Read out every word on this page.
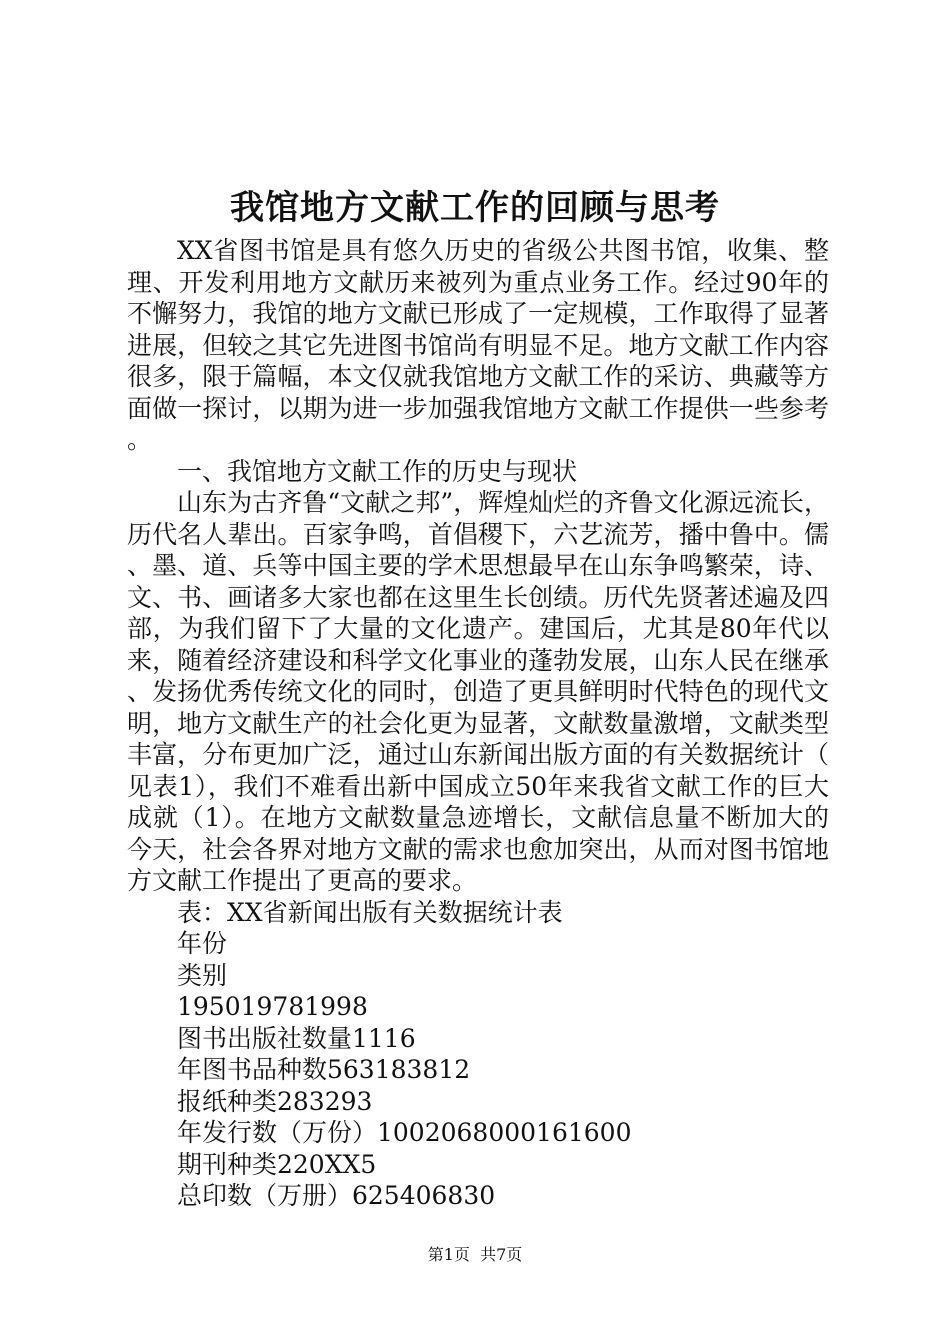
我馆地方文献工作的回顾与思考

XX省图书馆是具有悠久历史的省级公共图书馆，收集、整理、开发利用地方文献历来被列为重点业务工作。经过90年的不懈努力，我馆的地方文献已形成了一定规模，工作取得了显著进展，但较之其它先进图书馆尚有明显不足。地方文献工作内容很多，限于篇幅，本文仅就我馆地方文献工作的采访、典藏等方面做一探讨，以期为进一步加强我馆地方文献工作提供一些参考。

一、我馆地方文献工作的历史与现状

山东为古齐鲁“文献之邦”，辉煌灿烂的齐鲁文化源远流长，历代名人辈出。百家争鸣，首倡稷下，六艺流芳，播中鲁中。儒、墨、道、兵等中国主要的学术思想最早在山东争鸣繁荣，诗、文、书、画诸多大家也都在这里生长创绩。历代先贤著述遍及四部，为我们留下了大量的文化遗产。建国后，尤其是80年代以来，随着经济建设和科学文化事业的蓬勃发展，山东人民在继承、发扬优秀传统文化的同时，创造了更具鲜明时代特色的现代文明，地方文献生产的社会化更为显著，文献数量激增，文献类型丰富，分布更加广泛，通过山东新闻出版方面的有关数据统计（见表1），我们不难看出新中国成立50年来我省文献工作的巨大成就（1）。在地方文献数量急迹增长，文献信息量不断加大的今天，社会各界对地方文献的需求也愈加突出，从而对图书馆地方文献工作提出了更高的要求。

表：XX省新闻出版有关数据统计表

年份

类别

195019781998

图书出版社数量1116

年图书品种数563183812

报纸种类283293

年发行数（万份）1002068000161600

期刊种类220XX5

总印数（万册）625406830

第1页 共7页
